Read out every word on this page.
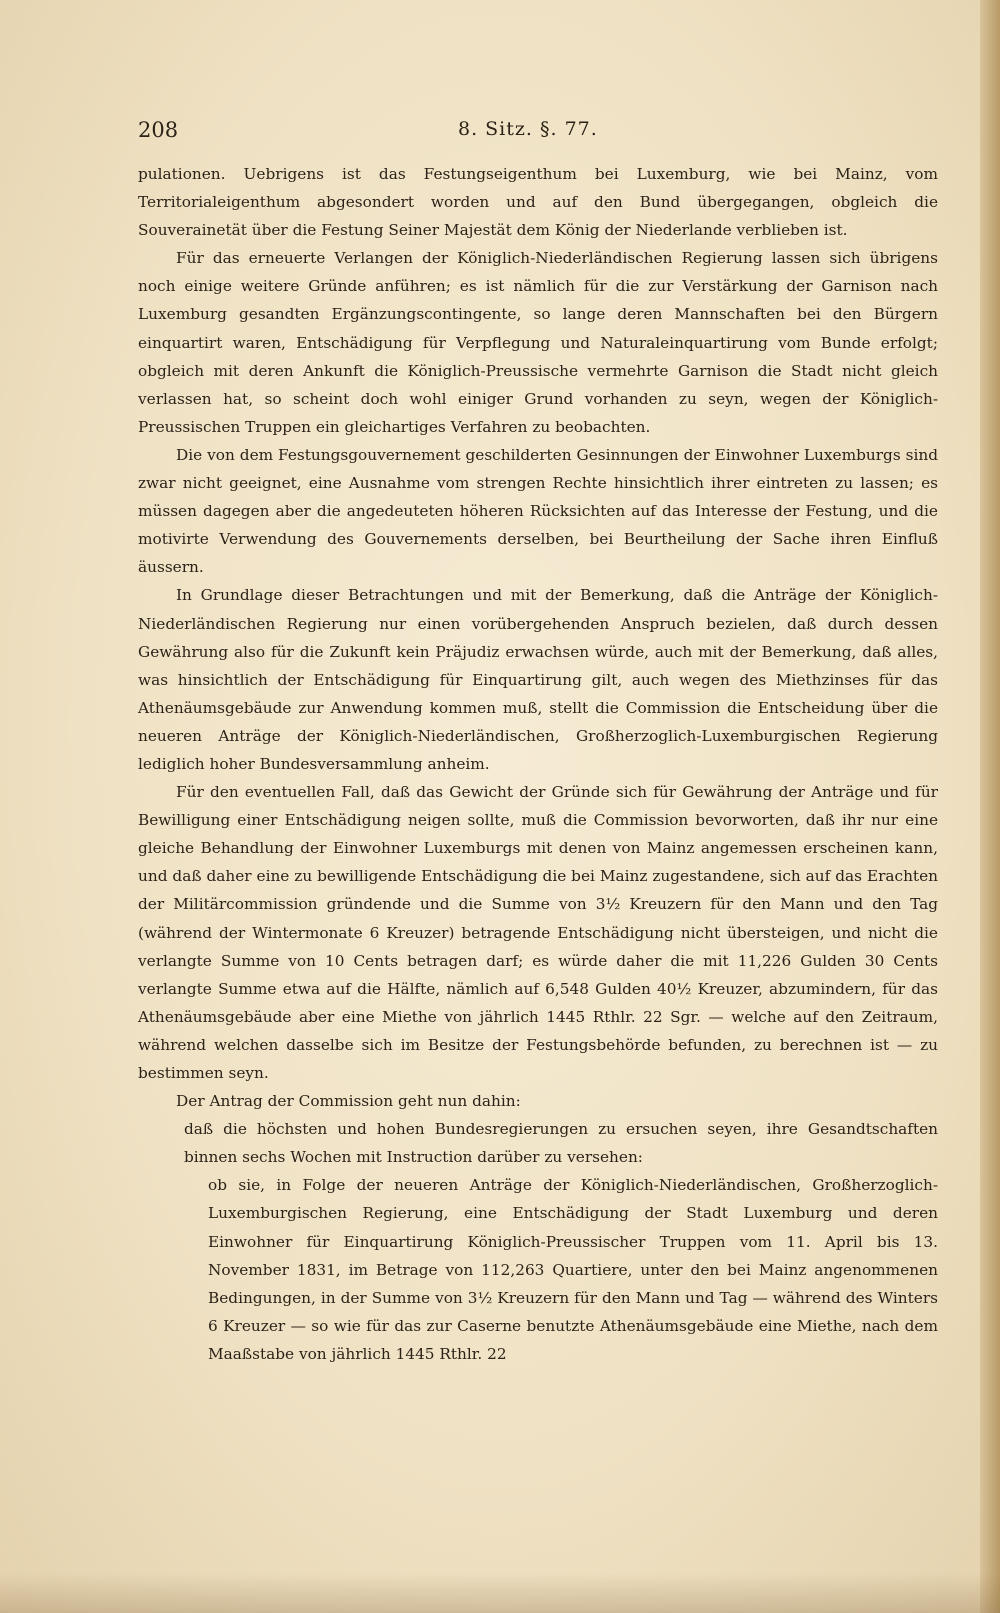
208	8. Sitz. §. 77.

pulationen. Uebrigens ist das Festungseigenthum bei Luxemburg, wie bei Mainz, vom Territorialeigenthum abgesondert worden und auf den Bund übergegangen, obgleich die Souverainetät über die Festung Seiner Majestät dem König der Niederlande verblieben ist.

Für das erneuerte Verlangen der Königlich-Niederländischen Regierung lassen sich übrigens noch einige weitere Gründe anführen; es ist nämlich für die zur Verstärkung der Garnison nach Luxemburg gesandten Ergänzungscontingente, so lange deren Mannschaften bei den Bürgern einquartirt waren, Entschädigung für Verpflegung und Naturaleinquartirung vom Bunde erfolgt; obgleich mit deren Ankunft die Königlich-Preussische vermehrte Garnison die Stadt nicht gleich verlassen hat, so scheint doch wohl einiger Grund vorhanden zu seyn, wegen der Königlich-Preussischen Truppen ein gleichartiges Verfahren zu beobachten.

Die von dem Festungsgouvernement geschilderten Gesinnungen der Einwohner Luxemburgs sind zwar nicht geeignet, eine Ausnahme vom strengen Rechte hinsichtlich ihrer eintreten zu lassen; es müssen dagegen aber die angedeuteten höheren Rücksichten auf das Interesse der Festung, und die motivirte Verwendung des Gouvernements derselben, bei Beurtheilung der Sache ihren Einfluß äussern.

In Grundlage dieser Betrachtungen und mit der Bemerkung, daß die Anträge der Königlich-Niederländischen Regierung nur einen vorübergehenden Anspruch bezielen, daß durch dessen Gewährung also für die Zukunft kein Präjudiz erwachsen würde, auch mit der Bemerkung, daß alles, was hinsichtlich der Entschädigung für Einquartirung gilt, auch wegen des Miethzinses für das Athenäumsgebäude zur Anwendung kommen muß, stellt die Commission die Entscheidung über die neueren Anträge der Königlich-Niederländischen, Großherzoglich-Luxemburgischen Regierung lediglich hoher Bundesversammlung anheim.

Für den eventuellen Fall, daß das Gewicht der Gründe sich für Gewährung der Anträge und für Bewilligung einer Entschädigung neigen sollte, muß die Commission bevorworten, daß ihr nur eine gleiche Behandlung der Einwohner Luxemburgs mit denen von Mainz angemessen erscheinen kann, und daß daher eine zu bewilligende Entschädigung die bei Mainz zugestandene, sich auf das Erachten der Militärcommission gründende und die Summe von 3½ Kreuzern für den Mann und den Tag (während der Wintermonate 6 Kreuzer) betragende Entschädigung nicht übersteigen, und nicht die verlangte Summe von 10 Cents betragen darf; es würde daher die mit 11,226 Gulden 30 Cents verlangte Summe etwa auf die Hälfte, nämlich auf 6,548 Gulden 40½ Kreuzer, abzumindern, für das Athenäumsgebäude aber eine Miethe von jährlich 1445 Rthlr. 22 Sgr. — welche auf den Zeitraum, während welchen dasselbe sich im Besitze der Festungsbehörde befunden, zu berechnen ist — zu bestimmen seyn.

Der Antrag der Commission geht nun dahin:

daß die höchsten und hohen Bundesregierungen zu ersuchen seyen, ihre Gesandtschaften binnen sechs Wochen mit Instruction darüber zu versehen:

ob sie, in Folge der neueren Anträge der Königlich-Niederländischen, Großherzoglich-Luxemburgischen Regierung, eine Entschädigung der Stadt Luxemburg und deren Einwohner für Einquartirung Königlich-Preussischer Truppen vom 11. April bis 13. November 1831, im Betrage von 112,263 Quartiere, unter den bei Mainz angenommenen Bedingungen, in der Summe von 3½ Kreuzern für den Mann und Tag — während des Winters 6 Kreuzer — so wie für das zur Caserne benutzte Athenäumsgebäude eine Miethe, nach dem Maaßstabe von jährlich 1445 Rthlr. 22
